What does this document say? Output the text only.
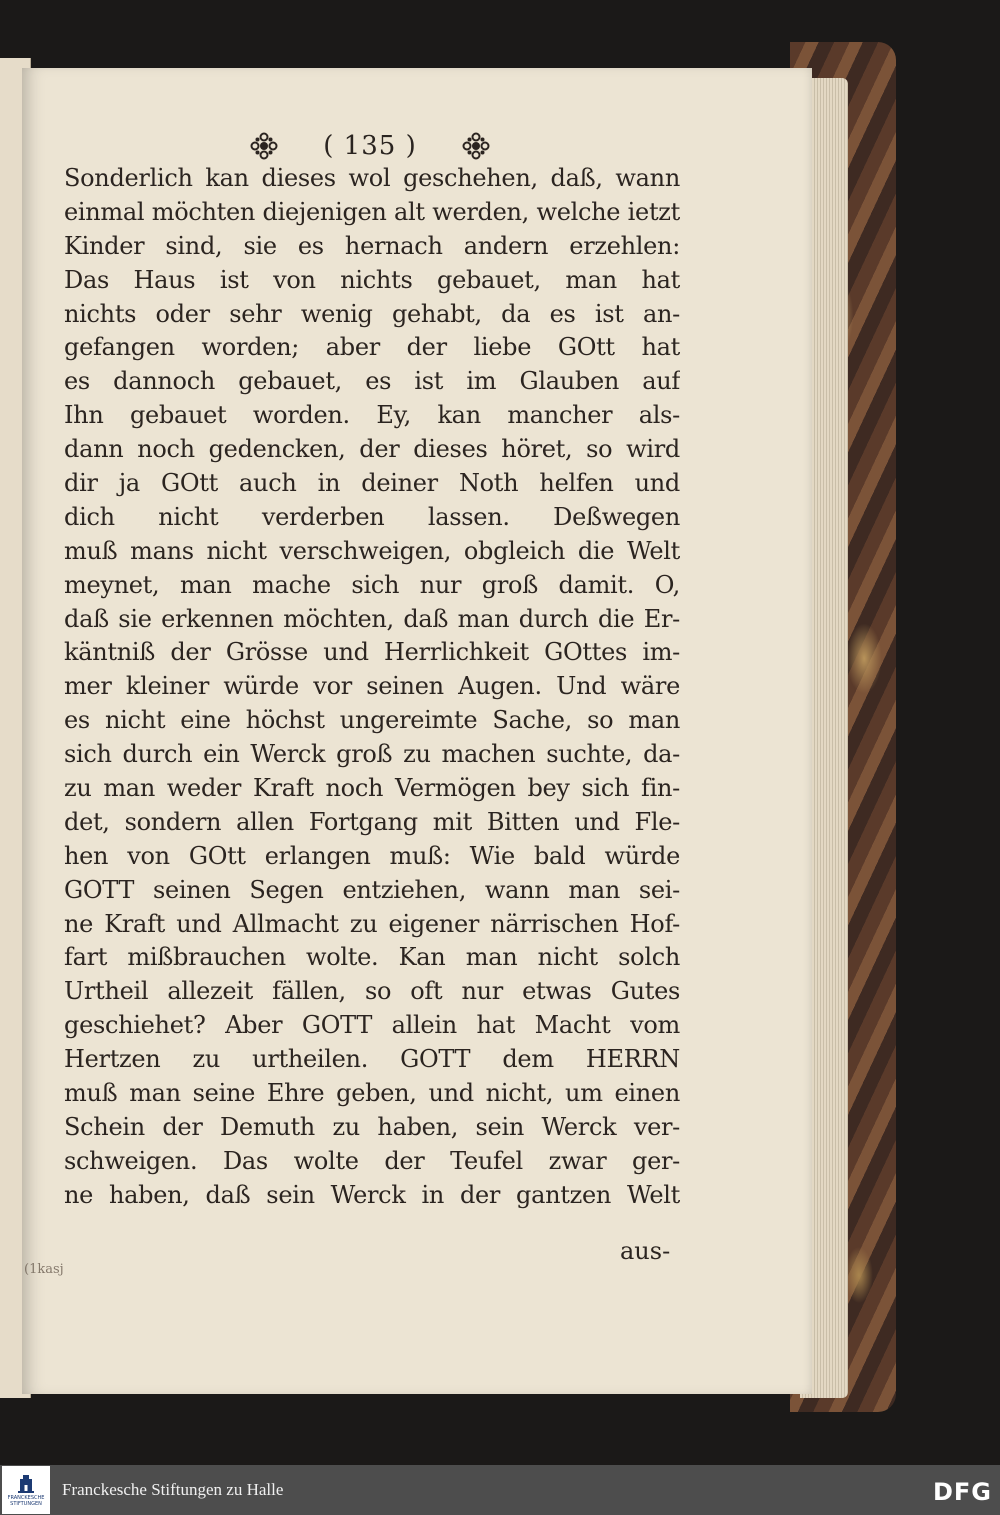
( 135 )
Sonderlich kan dieses wol geschehen, daß, wann
einmal möchten diejenigen alt werden, welche ietzt
Kinder sind, sie es hernach andern erzehlen:
Das Haus ist von nichts gebauet, man hat
nichts oder sehr wenig gehabt, da es ist an-
gefangen worden; aber der liebe GOtt hat
es dannoch gebauet, es ist im Glauben auf
Ihn gebauet worden. Ey, kan mancher als-
dann noch gedencken, der dieses höret, so wird
dir ja GOtt auch in deiner Noth helfen und
dich nicht verderben lassen. Deßwegen
muß mans nicht verschweigen, obgleich die Welt
meynet, man mache sich nur groß damit. O,
daß sie erkennen möchten, daß man durch die Er-
käntniß der Grösse und Herrlichkeit GOttes im-
mer kleiner würde vor seinen Augen. Und wäre
es nicht eine höchst ungereimte Sache, so man
sich durch ein Werck groß zu machen suchte, da-
zu man weder Kraft noch Vermögen bey sich fin-
det, sondern allen Fortgang mit Bitten und Fle-
hen von GOtt erlangen muß: Wie bald würde
GOTT seinen Segen entziehen, wann man sei-
ne Kraft und Allmacht zu eigener närrischen Hof-
fart mißbrauchen wolte. Kan man nicht solch
Urtheil allezeit fällen, so oft nur etwas Gutes
geschiehet? Aber GOTT allein hat Macht vom
Hertzen zu urtheilen. GOTT dem HERRN
muß man seine Ehre geben, und nicht, um einen
Schein der Demuth zu haben, sein Werck ver-
schweigen. Das wolte der Teufel zwar ger-
ne haben, daß sein Werck in der gantzen Welt
aus-
(1kasj
FRANCKESCHE STIFTUNGEN
Franckesche Stiftungen zu Halle	DFG
